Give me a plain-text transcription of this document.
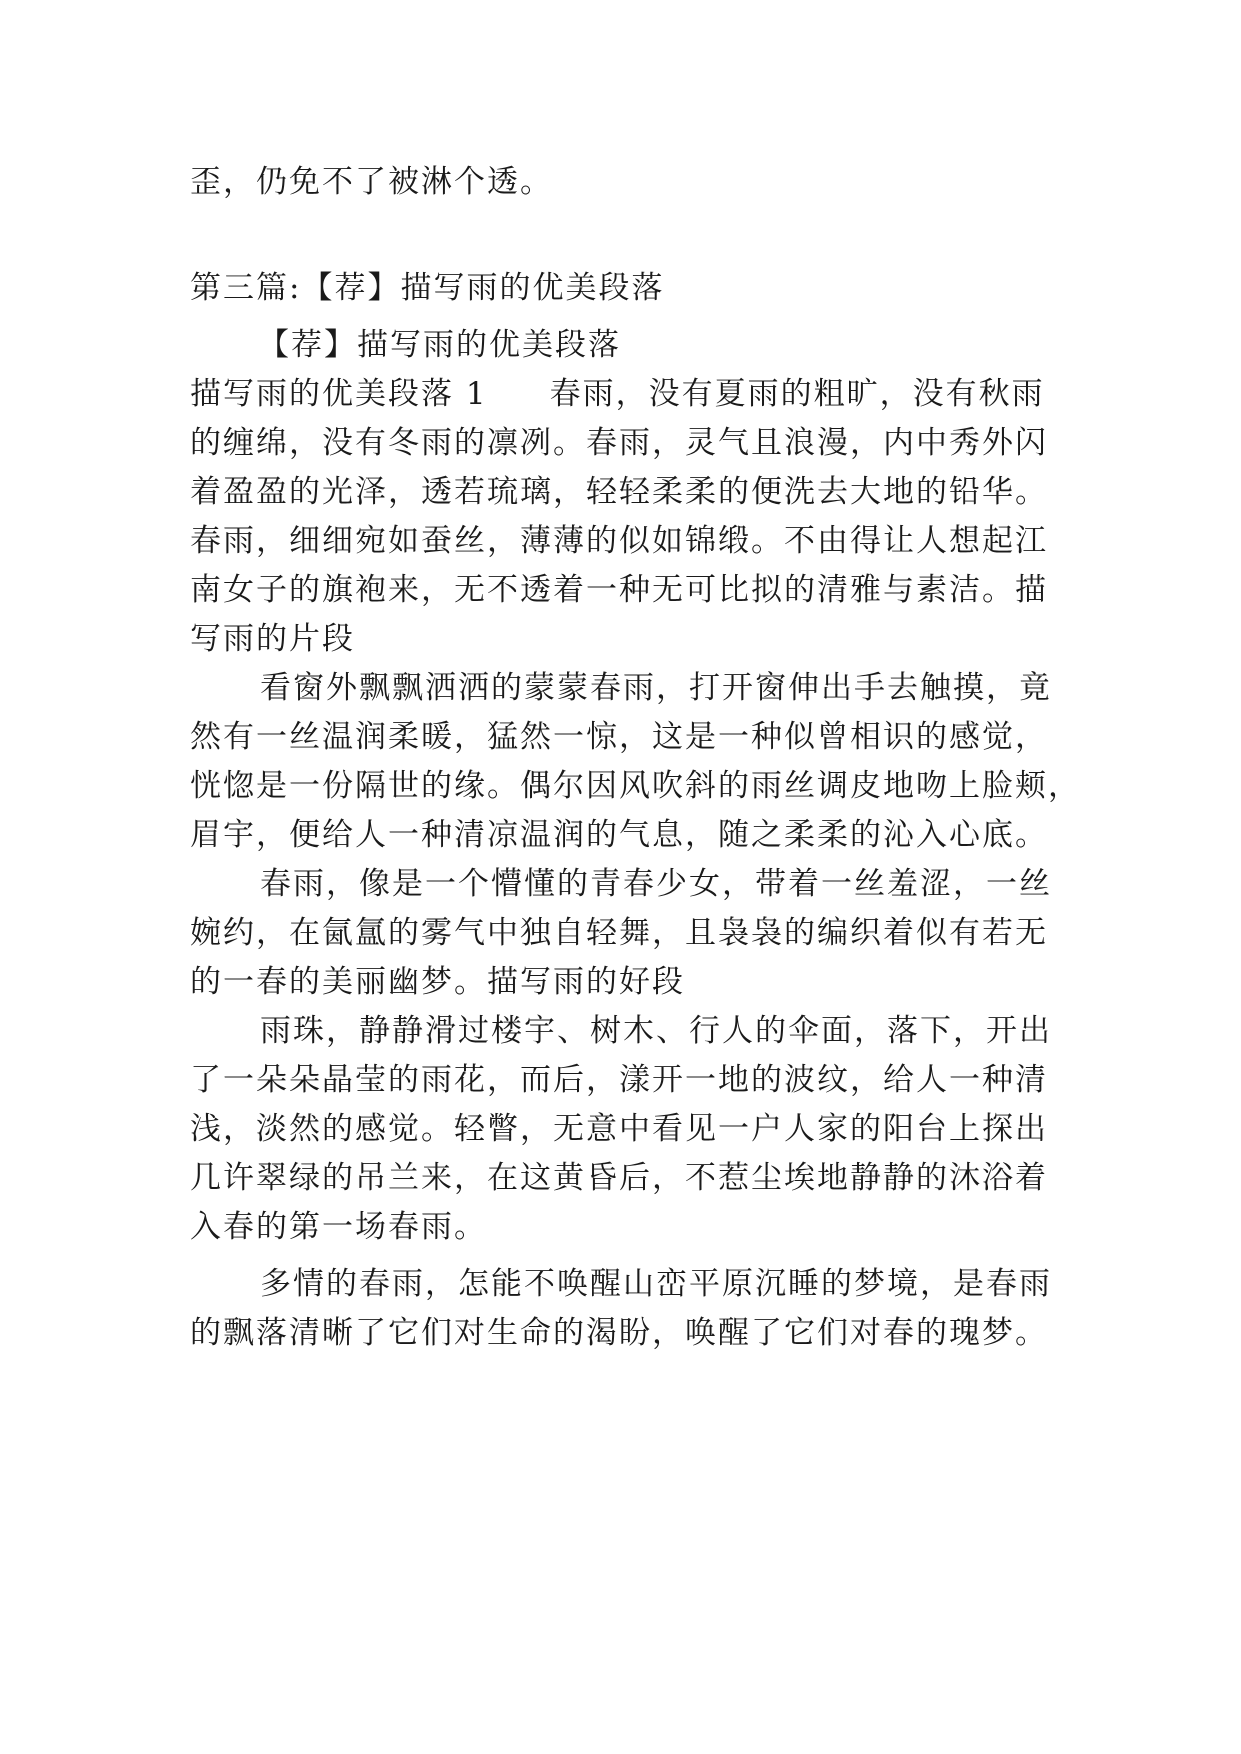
歪，仍免不了被淋个透。
第三篇:【荐】描写雨的优美段落
【荐】描写雨的优美段落
描写雨的优美段落 1 春雨，没有夏雨的粗旷，没有秋雨
的缠绵，没有冬雨的凛冽。春雨，灵气且浪漫，内中秀外闪
着盈盈的光泽，透若琉璃，轻轻柔柔的便洗去大地的铅华。
春雨，细细宛如蚕丝，薄薄的似如锦缎。不由得让人想起江
南女子的旗袍来，无不透着一种无可比拟的清雅与素洁。描
写雨的片段
看窗外飘飘洒洒的蒙蒙春雨，打开窗伸出手去触摸，竟
然有一丝温润柔暖，猛然一惊，这是一种似曾相识的感觉，
恍惚是一份隔世的缘。偶尔因风吹斜的雨丝调皮地吻上脸颊，
眉宇，便给人一种清凉温润的气息，随之柔柔的沁入心底。
春雨，像是一个懵懂的青春少女，带着一丝羞涩，一丝
婉约，在氤氲的雾气中独自轻舞，且袅袅的编织着似有若无
的一春的美丽幽梦。描写雨的好段
雨珠，静静滑过楼宇、树木、行人的伞面，落下，开出
了一朵朵晶莹的雨花，而后，漾开一地的波纹，给人一种清
浅，淡然的感觉。轻瞥，无意中看见一户人家的阳台上探出
几许翠绿的吊兰来，在这黄昏后，不惹尘埃地静静的沐浴着
入春的第一场春雨。
多情的春雨，怎能不唤醒山峦平原沉睡的梦境，是春雨
的飘落清晰了它们对生命的渴盼，唤醒了它们对春的瑰梦。
